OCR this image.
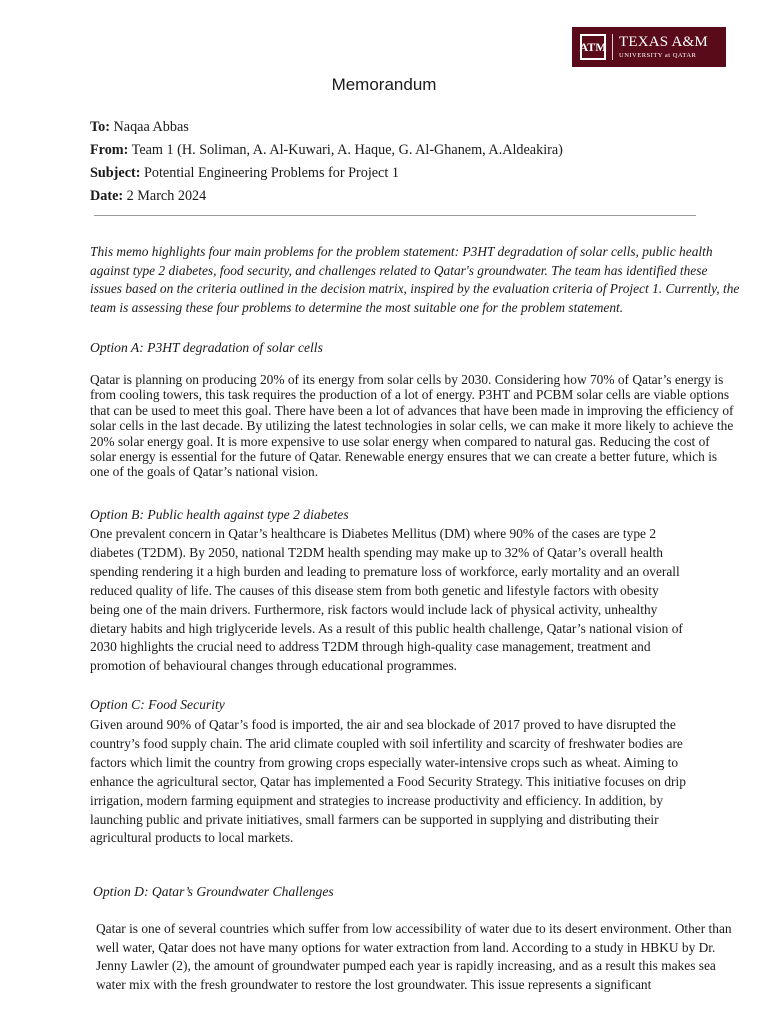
ATM TEXAS A&M
UNIVERSITY at QATAR
Memorandum
To: Naqaa Abbas
From: Team 1 (H. Soliman, A. Al-Kuwari, A. Haque, G. Al-Ghanem, A.Aldeakira)
Subject: Potential Engineering Problems for Project 1
Date: 2 March 2024
This memo highlights four main problems for the problem statement: P3HT degradation of solar cells, public health against type 2 diabetes, food security, and challenges related to Qatar's groundwater. The team has identified these issues based on the criteria outlined in the decision matrix, inspired by the evaluation criteria of Project 1. Currently, the team is assessing these four problems to determine the most suitable one for the problem statement.
Option A: P3HT degradation of solar cells
Qatar is planning on producing 20% of its energy from solar cells by 2030. Considering how 70% of Qatar’s energy is from cooling towers, this task requires the production of a lot of energy. P3HT and PCBM solar cells are viable options that can be used to meet this goal. There have been a lot of advances that have been made in improving the efficiency of solar cells in the last decade. By utilizing the latest technologies in solar cells, we can make it more likely to achieve the 20% solar energy goal. It is more expensive to use solar energy when compared to natural gas. Reducing the cost of solar energy is essential for the future of Qatar. Renewable energy ensures that we can create a better future, which is one of the goals of Qatar’s national vision.
Option B: Public health against type 2 diabetes
One prevalent concern in Qatar’s healthcare is Diabetes Mellitus (DM) where 90% of the cases are type 2 diabetes (T2DM). By 2050, national T2DM health spending may make up to 32% of Qatar’s overall health spending rendering it a high burden and leading to premature loss of workforce, early mortality and an overall reduced quality of life. The causes of this disease stem from both genetic and lifestyle factors with obesity being one of the main drivers. Furthermore, risk factors would include lack of physical activity, unhealthy dietary habits and high triglyceride levels. As a result of this public health challenge, Qatar’s national vision of 2030 highlights the crucial need to address T2DM through high-quality case management, treatment and promotion of behavioural changes through educational programmes.
Option C: Food Security
Given around 90% of Qatar’s food is imported, the air and sea blockade of 2017 proved to have disrupted the country’s food supply chain. The arid climate coupled with soil infertility and scarcity of freshwater bodies are factors which limit the country from growing crops especially water-intensive crops such as wheat. Aiming to enhance the agricultural sector, Qatar has implemented a Food Security Strategy. This initiative focuses on drip irrigation, modern farming equipment and strategies to increase productivity and efficiency. In addition, by launching public and private initiatives, small farmers can be supported in supplying and distributing their agricultural products to local markets.
Option D: Qatar’s Groundwater Challenges
Qatar is one of several countries which suffer from low accessibility of water due to its desert environment. Other than well water, Qatar does not have many options for water extraction from land. According to a study in HBKU by Dr. Jenny Lawler (2), the amount of groundwater pumped each year is rapidly increasing, and as a result this makes sea water mix with the fresh groundwater to restore the lost groundwater. This issue represents a significant
